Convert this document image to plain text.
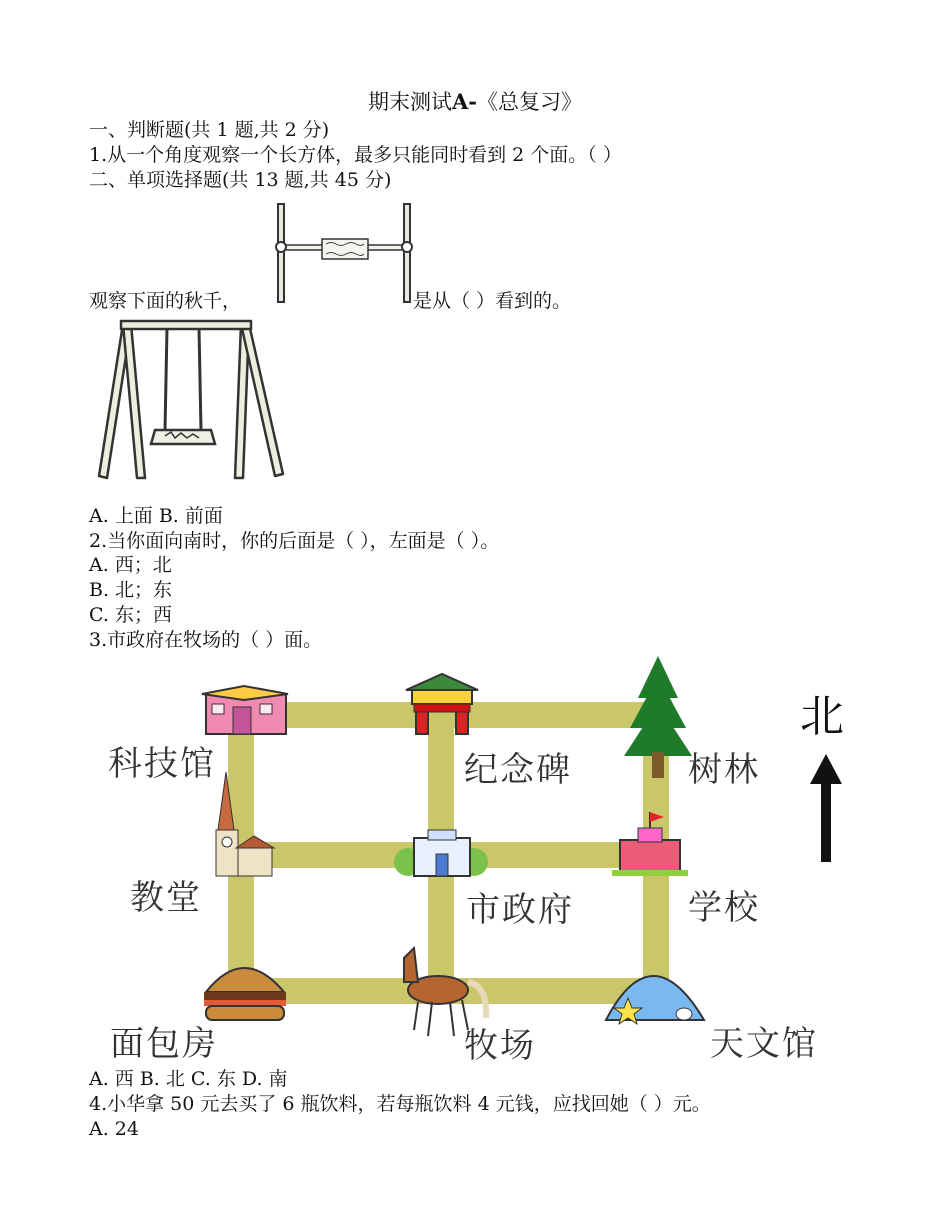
期末测试A-《总复习》
一、判断题(共 1 题,共 2 分)
1.从一个角度观察一个长方体，最多只能同时看到 2 个面。（ ）
二、单项选择题(共 13 题,共 45 分)
观察下面的秋千，	是从（ ）看到的。
A. 上面 B. 前面
2.当你面向南时，你的后面是（ ），左面是（ ）。
A. 西；北
B. 北；东
C. 东；西
3.市政府在牧场的（ ）面。
科技馆	纪念碑	树林
教堂	市政府	学校
面包房	牧场	天文馆
北
A. 西 B. 北 C. 东 D. 南
4.小华拿 50 元去买了 6 瓶饮料，若每瓶饮料 4 元钱，应找回她（ ）元。
A. 24
